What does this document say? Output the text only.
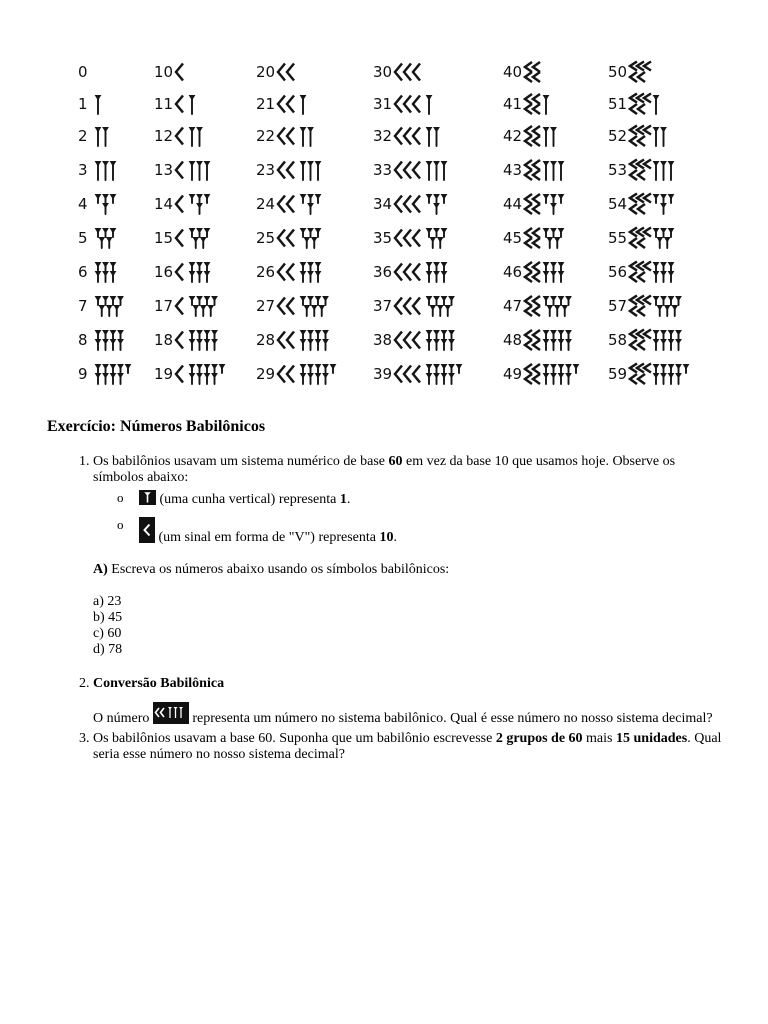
0
1
2
3
4
5
6
7
8
9
10
11
12
13
14
15
16
17
18
19
20
21
22
23
24
25
26
27
28
29
30
31
32
33
34
35
36
37
38
39
40
41
42
43
44
45
46
47
48
49
50
51
52
53
54
55
56
57
58
59
Exercício: Números Babilônicos
1. Os babilônios usavam um sistema numérico de base 60 em vez da base 10 que usamos hoje. Observe os símbolos abaixo:
o (uma cunha vertical) representa 1.
o
(um sinal em forma de "V") representa 10.

A) Escreva os números abaixo usando os símbolos babilônicos:

a) 23
b) 45
c) 60
d) 78
2. Conversão Babilônica
O número	representa um número no sistema babilônico. Qual é esse número no nosso sistema decimal?
3. Os babilônios usavam a base 60. Suponha que um babilônio escrevesse 2 grupos de 60 mais 15 unidades. Qual seria esse número no nosso sistema decimal?
